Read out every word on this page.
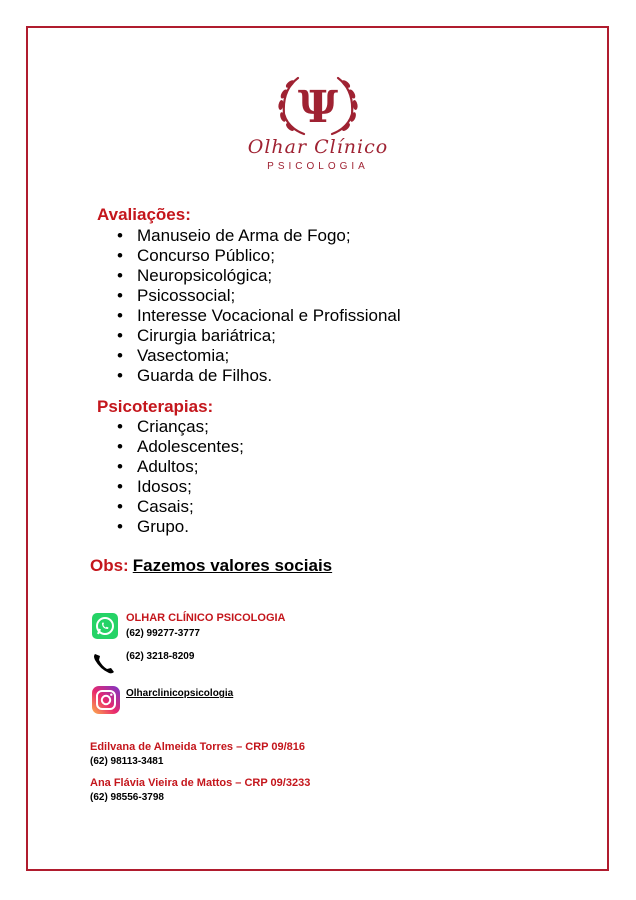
Ψ
Olhar Clínico
PSICOLOGIA
Avaliações:
• Manuseio de Arma de Fogo;
• Concurso Público;
• Neuropsicológica;
• Psicossocial;
• Interesse Vocacional e Profissional
• Cirurgia bariátrica;
• Vasectomia;
• Guarda de Filhos.
Psicoterapias:
• Crianças;
• Adolescentes;
• Adultos;
• Idosos;
• Casais;
• Grupo.
Obs: Fazemos valores sociais
OLHAR CLÍNICO PSICOLOGIA
(62) 99277-3777
(62) 3218-8209
Olharclinicopsicologia
Edilvana de Almeida Torres – CRP 09/816
(62) 98113-3481
Ana Flávia Vieira de Mattos – CRP 09/3233
(62) 98556-3798
